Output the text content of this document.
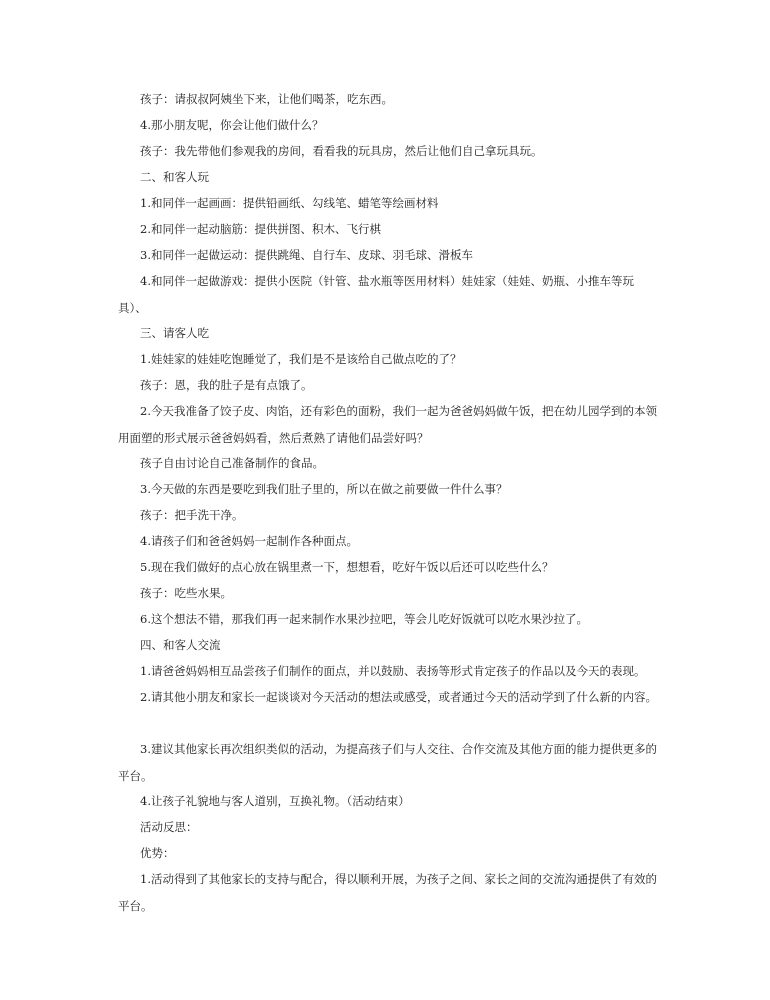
孩子：请叔叔阿姨坐下来，让他们喝茶，吃东西。

4.那小朋友呢，你会让他们做什么？

孩子：我先带他们参观我的房间，看看我的玩具房，然后让他们自己拿玩具玩。

二、和客人玩

1.和同伴一起画画：提供铅画纸、勾线笔、蜡笔等绘画材料

2.和同伴一起动脑筋：提供拼图、积木、飞行棋

3.和同伴一起做运动：提供跳绳、自行车、皮球、羽毛球、滑板车

4.和同伴一起做游戏：提供小医院（针管、盐水瓶等医用材料）娃娃家（娃娃、奶瓶、小推车等玩具）、

三、请客人吃

1.娃娃家的娃娃吃饱睡觉了，我们是不是该给自己做点吃的了？

孩子：恩，我的肚子是有点饿了。

2.今天我准备了饺子皮、肉馅，还有彩色的面粉，我们一起为爸爸妈妈做午饭，把在幼儿园学到的本领用面塑的形式展示爸爸妈妈看，然后煮熟了请他们品尝好吗？

孩子自由讨论自己准备制作的食品。

3.今天做的东西是要吃到我们肚子里的，所以在做之前要做一件什么事？

孩子：把手洗干净。

4.请孩子们和爸爸妈妈一起制作各种面点。

5.现在我们做好的点心放在锅里煮一下，想想看，吃好午饭以后还可以吃些什么？

孩子：吃些水果。

6.这个想法不错，那我们再一起来制作水果沙拉吧，等会儿吃好饭就可以吃水果沙拉了。

四、和客人交流

1.请爸爸妈妈相互品尝孩子们制作的面点，并以鼓励、表扬等形式肯定孩子的作品以及今天的表现。

2.请其他小朋友和家长一起谈谈对今天活动的想法或感受，或者通过今天的活动学到了什么新的内容。

3.建议其他家长再次组织类似的活动，为提高孩子们与人交往、合作交流及其他方面的能力提供更多的平台。

4.让孩子礼貌地与客人道别，互换礼物。（活动结束）

活动反思：

优势：

1.活动得到了其他家长的支持与配合，得以顺利开展，为孩子之间、家长之间的交流沟通提供了有效的平台。
